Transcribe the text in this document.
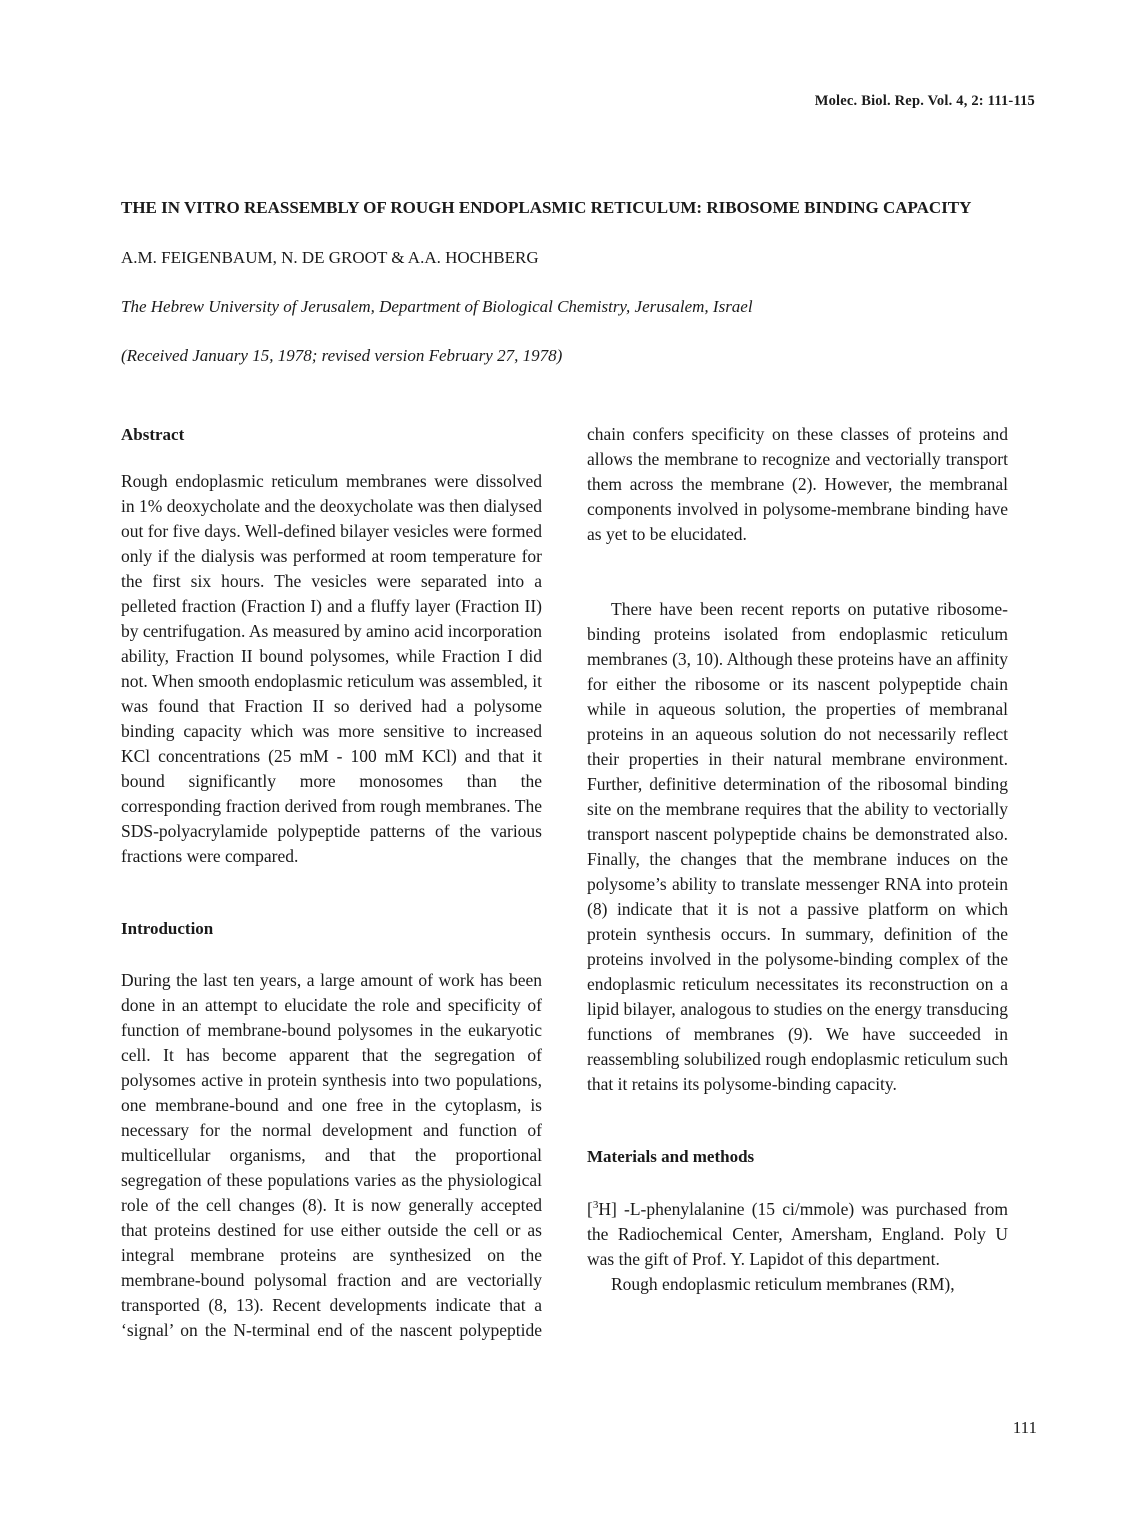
Molec. Biol. Rep. Vol. 4, 2: 111-115
THE IN VITRO REASSEMBLY OF ROUGH ENDOPLASMIC RETICULUM: RIBOSOME BINDING CAPACITY

A.M. FEIGENBAUM, N. DE GROOT & A.A. HOCHBERG

The Hebrew University of Jerusalem, Department of Biological Chemistry, Jerusalem, Israel

(Received January 15, 1978; revised version February 27, 1978)

Abstract

Rough endoplasmic reticulum membranes were dissolved in 1% deoxycholate and the deoxycholate was then dialysed out for five days. Well-defined bilayer vesicles were formed only if the dialysis was performed at room temperature for the first six hours. The vesicles were separated into a pelleted fraction (Fraction I) and a fluffy layer (Fraction II) by centrifugation. As measured by amino acid incorporation ability, Fraction II bound polysomes, while Fraction I did not. When smooth endoplasmic reticulum was assembled, it was found that Fraction II so derived had a polysome binding capacity which was more sensitive to increased KCl concentrations (25 mM - 100 mM KCl) and that it bound significantly more monosomes than the corresponding fraction derived from rough membranes. The SDS-polyacrylamide polypeptide patterns of the various fractions were compared.

Introduction

During the last ten years, a large amount of work has been done in an attempt to elucidate the role and specificity of function of membrane-bound polysomes in the eukaryotic cell. It has become apparent that the segregation of polysomes active in protein synthesis into two populations, one membrane-bound and one free in the cytoplasm, is necessary for the normal development and function of multicellular organisms, and that the proportional segregation of these populations varies as the physiological role of the cell changes (8). It is now generally accepted that proteins destined for use either outside the cell or as integral membrane proteins are synthesized on the membrane-bound polysomal fraction and are vectorially transported (8, 13). Recent developments indicate that a ‘signal’ on the N-terminal end of the nascent polypeptide

chain confers specificity on these classes of proteins and allows the membrane to recognize and vectorially transport them across the membrane (2). However, the membranal components involved in polysome-membrane binding have as yet to be elucidated.

There have been recent reports on putative ribosome-binding proteins isolated from endoplasmic reticulum membranes (3, 10). Although these proteins have an affinity for either the ribosome or its nascent polypeptide chain while in aqueous solution, the properties of membranal proteins in an aqueous solution do not necessarily reflect their properties in their natural membrane environment. Further, definitive determination of the ribosomal binding site on the membrane requires that the ability to vectorially transport nascent polypeptide chains be demonstrated also. Finally, the changes that the membrane induces on the polysome’s ability to translate messenger RNA into protein (8) indicate that it is not a passive platform on which protein synthesis occurs. In summary, definition of the proteins involved in the polysome-binding complex of the endoplasmic reticulum necessitates its reconstruction on a lipid bilayer, analogous to studies on the energy transducing functions of membranes (9). We have succeeded in reassembling solubilized rough endoplasmic reticulum such that it retains its polysome-binding capacity.

Materials and methods

[$^3$H] -L-phenylalanine (15 ci/mmole) was purchased from the Radiochemical Center, Amersham, England. Poly U was the gift of Prof. Y. Lapidot of this department.

Rough endoplasmic reticulum membranes (RM),

111
